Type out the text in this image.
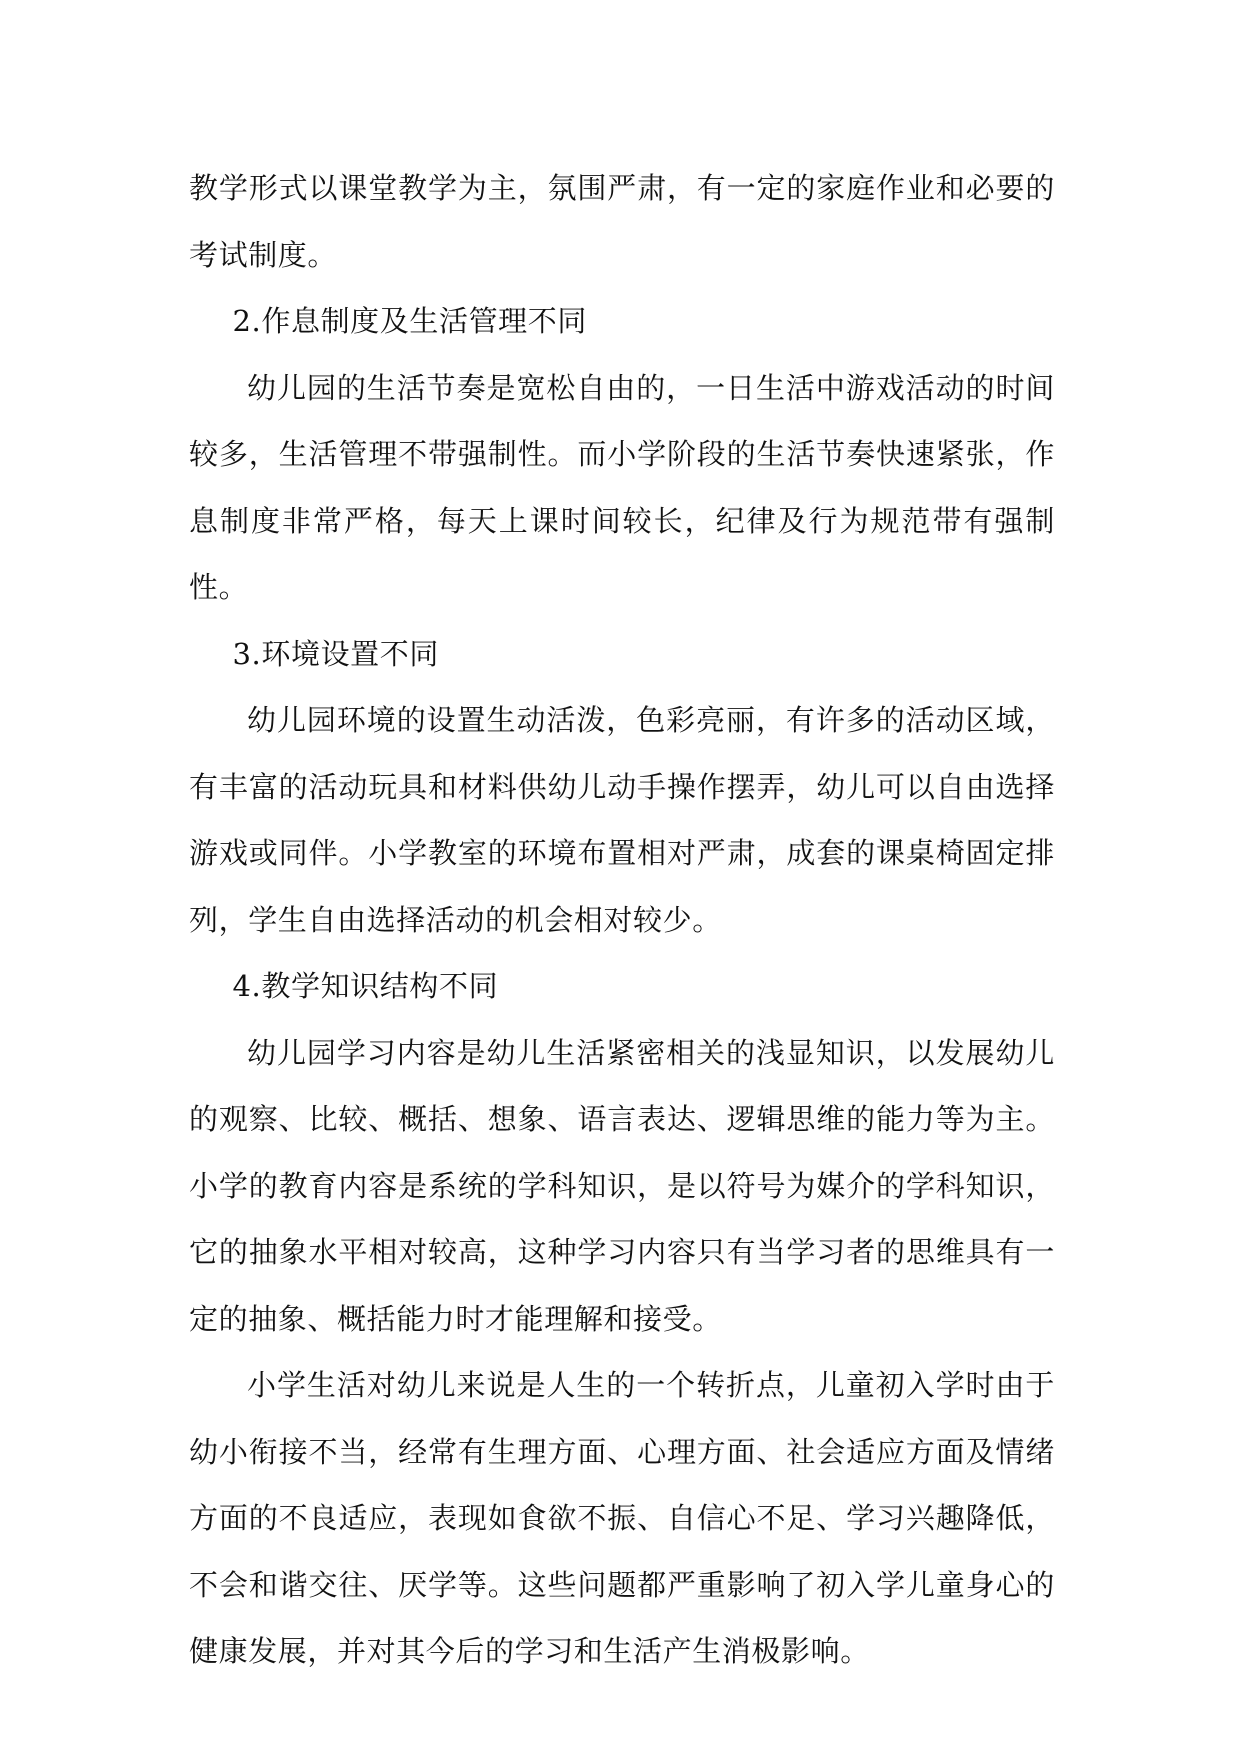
教学形式以课堂教学为主，氛围严肃，有一定的家庭作业和必要的考试制度。

2.作息制度及生活管理不同

幼儿园的生活节奏是宽松自由的，一日生活中游戏活动的时间较多，生活管理不带强制性。而小学阶段的生活节奏快速紧张，作息制度非常严格，每天上课时间较长，纪律及行为规范带有强制性。

3.环境设置不同

幼儿园环境的设置生动活泼，色彩亮丽，有许多的活动区域，有丰富的活动玩具和材料供幼儿动手操作摆弄，幼儿可以自由选择游戏或同伴。小学教室的环境布置相对严肃，成套的课桌椅固定排列，学生自由选择活动的机会相对较少。

4.教学知识结构不同

幼儿园学习内容是幼儿生活紧密相关的浅显知识，以发展幼儿的观察、比较、概括、想象、语言表达、逻辑思维的能力等为主。小学的教育内容是系统的学科知识，是以符号为媒介的学科知识，它的抽象水平相对较高，这种学习内容只有当学习者的思维具有一定的抽象、概括能力时才能理解和接受。

小学生活对幼儿来说是人生的一个转折点，儿童初入学时由于幼小衔接不当，经常有生理方面、心理方面、社会适应方面及情绪方面的不良适应，表现如食欲不振、自信心不足、学习兴趣降低，不会和谐交往、厌学等。这些问题都严重影响了初入学儿童身心的健康发展，并对其今后的学习和生活产生消极影响。
